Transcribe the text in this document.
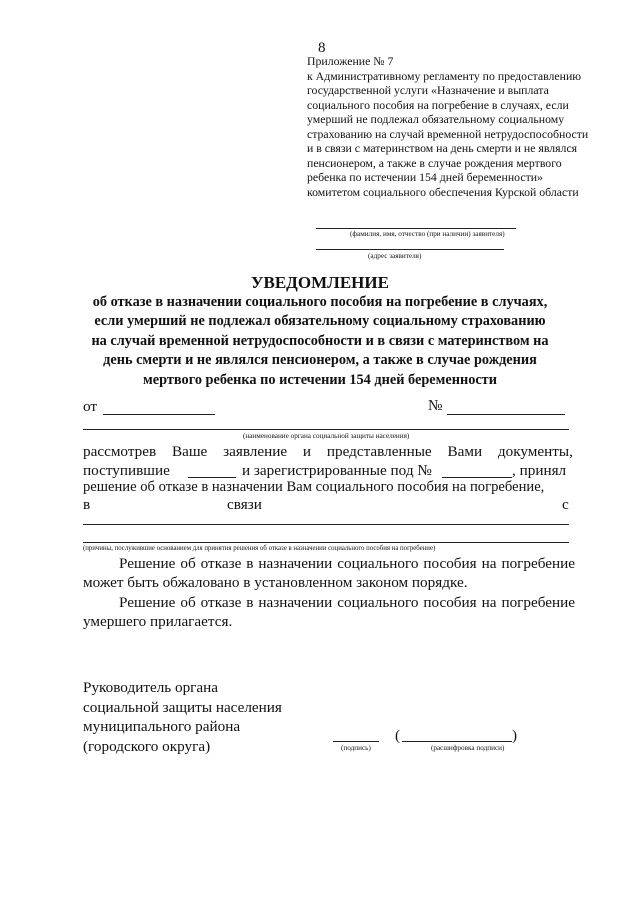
8
Приложение № 7
к Административному регламенту по предоставлению
государственной услуги «Назначение и выплата
социального пособия на погребение в случаях, если
умерший не подлежал обязательному социальному
страхованию на случай временной нетрудоспособности
и в связи с материнством на день смерти и не являлся
пенсионером, а также в случае рождения мертвого
ребенка по истечении 154 дней беременности»
комитетом социального обеспечения Курской области
(фамилия, имя, отчество (при наличии) заявителя)
(адрес заявителя)
УВЕДОМЛЕНИЕ
об отказе в назначении социального пособия на погребение в случаях,
если умерший не подлежал обязательному социальному страхованию
на случай временной нетрудоспособности и в связи с материнством на
день смерти и не являлся пенсионером, а также в случае рождения
мертвого ребенка по истечении 154 дней беременности
от	№
(наименование органа социальной защиты населения)
рассмотрев Ваше заявление и представленные Вами документы,
поступившие	и зарегистрированные под №	, принял
решение об отказе в назначении Вам социального пособия на погребение,
в	связи	с
(причины, послужившие основанием для принятия решения об отказе в назначении социального пособия на погребение)
Решение об отказе в назначении социального пособия на погребение
может быть обжаловано в установленном законом порядке.
Решение об отказе в назначении социального пособия на погребение
умершего прилагается.
Руководитель органа
социальной защиты населения
муниципального района
(городского округа)	(подпись)
(	)
(расшифровка подписи)
